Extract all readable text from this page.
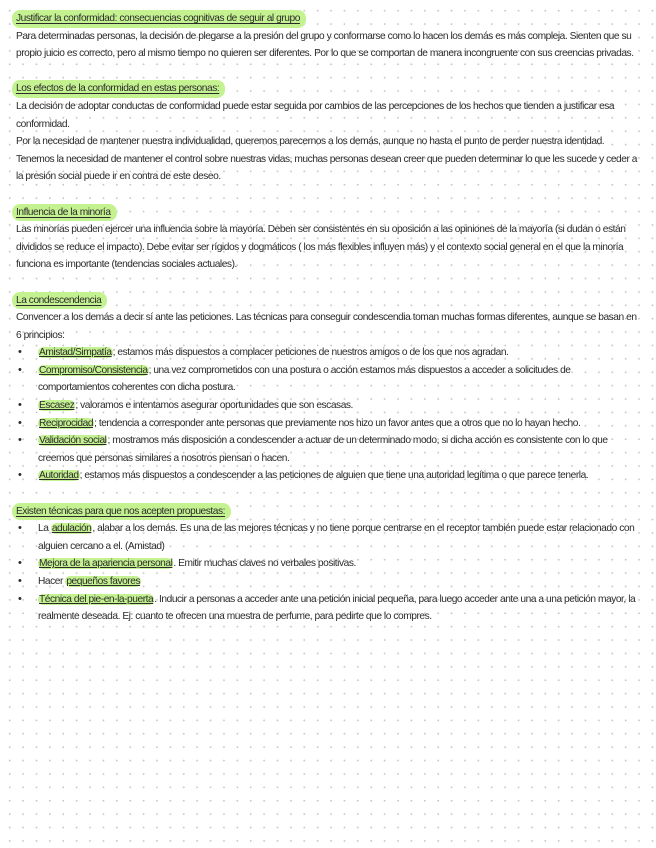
Justificar la conformidad: consecuencias cognitivas de seguir al grupo

Para determinadas personas, la decisión de plegarse a la presión del grupo y conformarse como lo hacen los demás es más compleja. Sienten que su propio juicio es correcto, pero al mismo tiempo no quieren ser diferentes. Por lo que se comportan de manera incongruente con sus creencias privadas.

Los efectos de la conformidad en estas personas:

La decisión de adoptar conductas de conformidad puede estar seguida por cambios de las percepciones de los hechos que tienden a justificar esa conformidad.

Por la necesidad de mantener nuestra individualidad, queremos parecernos a los demás, aunque no hasta el punto de perder nuestra identidad. Tenemos la necesidad de mantener el control sobre nuestras vidas, muchas personas desean creer que pueden determinar lo que les sucede y ceder a la presión social puede ir en contra de este deseo.

Influencia de la minoría

Las minorías pueden ejercer una influencia sobre la mayoría. Deben ser consistentes en su oposición a las opiniones de la mayoría (si dudan o están divididos se reduce el impacto). Debe evitar ser rígidos y dogmáticos ( los más flexibles influyen más) y el contexto social general en el que la minoría funciona es importante (tendencias sociales actuales).

La condescendencia

Convencer a los demás a decir sí ante las peticiones. Las técnicas para conseguir condescendia toman muchas formas diferentes, aunque se basan en 6 principios:

• Amistad/Simpatía; estamos más dispuestos a complacer peticiones de nuestros amigos o de los que nos agradan.
• Compromiso/Consistencia; una vez comprometidos con una postura o acción estamos más dispuestos a acceder a solicitudes de comportamientos coherentes con dicha postura.
• Escasez; valoramos e intentamos asegurar oportunidades que son escasas.
• Reciprocidad; tendencia a corresponder ante personas que previamente nos hizo un favor antes que a otros que no lo hayan hecho.
• Validación social; mostramos más disposición a condescender a actuar de un determinado modo, si dicha acción es consistente con lo que creemos que personas similares a nosotros piensan o hacen.
• Autoridad; estamos más dispuestos a condescender a las peticiones de alguien que tiene una autoridad legítima o que parece tenerla.
Existen técnicas para que nos acepten propuestas:
• La adulación, alabar a los demás. Es una de las mejores técnicas y no tiene porque centrarse en el receptor también puede estar relacionado con alguien cercano a el. (Amistad)
• Mejora de la apariencia personal. Emitir muchas claves no verbales positivas.
• Hacer pequeños favores
• Técnica del pie-en-la-puerta. Inducir a personas a acceder ante una petición inicial pequeña, para luego acceder ante una a una petición mayor, la realmente deseada. Ej: cuanto te ofrecen una muestra de perfume, para pedirte que lo compres.
